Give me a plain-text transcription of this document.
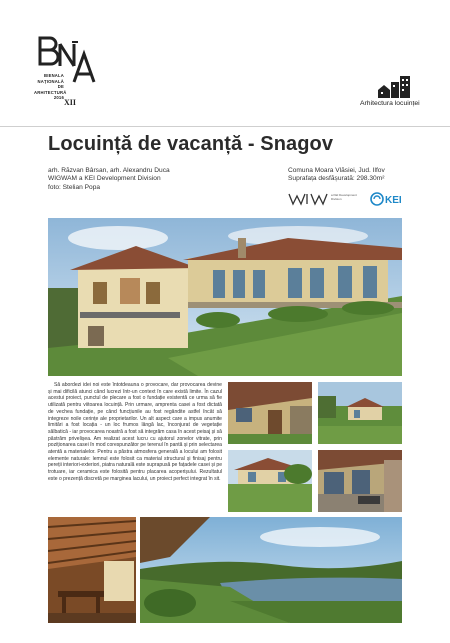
BIENALA
NAȚIONALĂ
DE
ARHITECTURĂ
2016
XII	Arhitectura locuinței
Locuință de vacanță - Snagov
arh. Răzvan Bârsan, arh. Alexandru Duca
WIGWAM a KEI Development Division
foto: Stelian Popa
Comuna Moara Vlăsiei, Jud. Ilfov
Suprafața desfășurată: 298.30m²
a KEI Development Division	KEI
Să abordezi idei noi este întotdeauna o provocare, dar provocarea devine și mai dificilă atunci când lucrezi într-un context în care există limite. În cazul acestui proiect, punctul de plecare a fost o fundație existentă ce urma să fie utilizată pentru viitoarea locuință. Prin urmare, amprenta casei a fost dictată de vechea fundație, pe când funcțiunile au fost regândite astfel încât să integreze noile cerințe ale proprietarilor. Un alt aspect care a impus anumite limitări a fost locația - un loc frumos lângă lac, înconjurat de vegetație sălbatică - iar provocarea noastră a fost să integrăm casa în acest peisaj și să păstrăm privelișea. Am realizat acest lucru cu ajutorul zonelor vitrate, prin poziționarea casei în mod corespunzător pe terenul în pantă și prin selectarea atentă a materialelor. Pentru a păstra atmosfera generală a locului am folosit elemente naturale: lemnul este folosit ca material structural și finisaj pentru pereții interiori-exteriori, piatra naturală este suprapusă pe fațadele casei și pe trotuare, iar ceramica este folosită pentru placarea acoperișului. Rezultatul este o prezență discretă pe marginea lacului, un proiect perfect integrat în sit.
